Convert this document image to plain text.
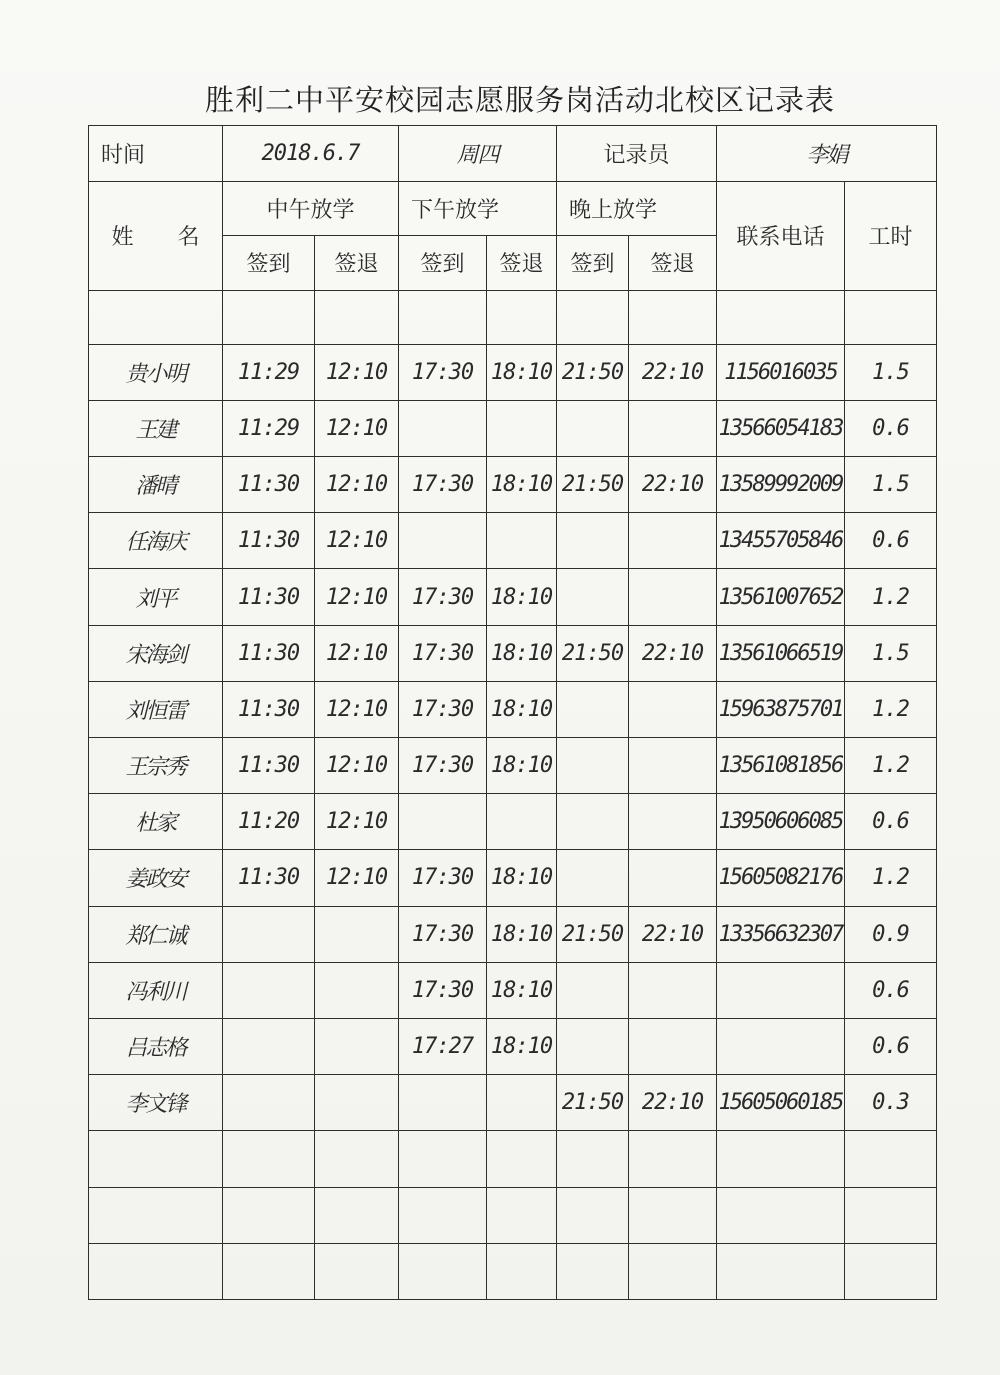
胜利二中平安校园志愿服务岗活动北校区记录表
时间	2018.6.7		周四		记录员		李娟	
姓　　名	中午放学		下午放学		晚上放学		联系电话	工时
	签到	签退	签到	签退	签到	签退		

贵小明	11:29	12:10	17:30	18:10	21:50	22:10	1156016035	1.5
王建	11:29	12:10					13566054183	0.6
潘晴	11:30	12:10	17:30	18:10	21:50	22:10	13589992009	1.5
任海庆	11:30	12:10					13455705846	0.6
刘平	11:30	12:10	17:30	18:10			13561007652	1.2
宋海剑	11:30	12:10	17:30	18:10	21:50	22:10	13561066519	1.5
刘恒雷	11:30	12:10	17:30	18:10			15963875701	1.2
王宗秀	11:30	12:10	17:30	18:10			13561081856	1.2
杜家	11:20	12:10					13950606085	0.6
姜政安	11:30	12:10	17:30	18:10			15605082176	1.2
郑仁诚			17:30	18:10	21:50	22:10	13356632307	0.9
冯利川			17:30	18:10				0.6
吕志格			17:27	18:10				0.6
李文锋					21:50	22:10	15605060185	0.3
